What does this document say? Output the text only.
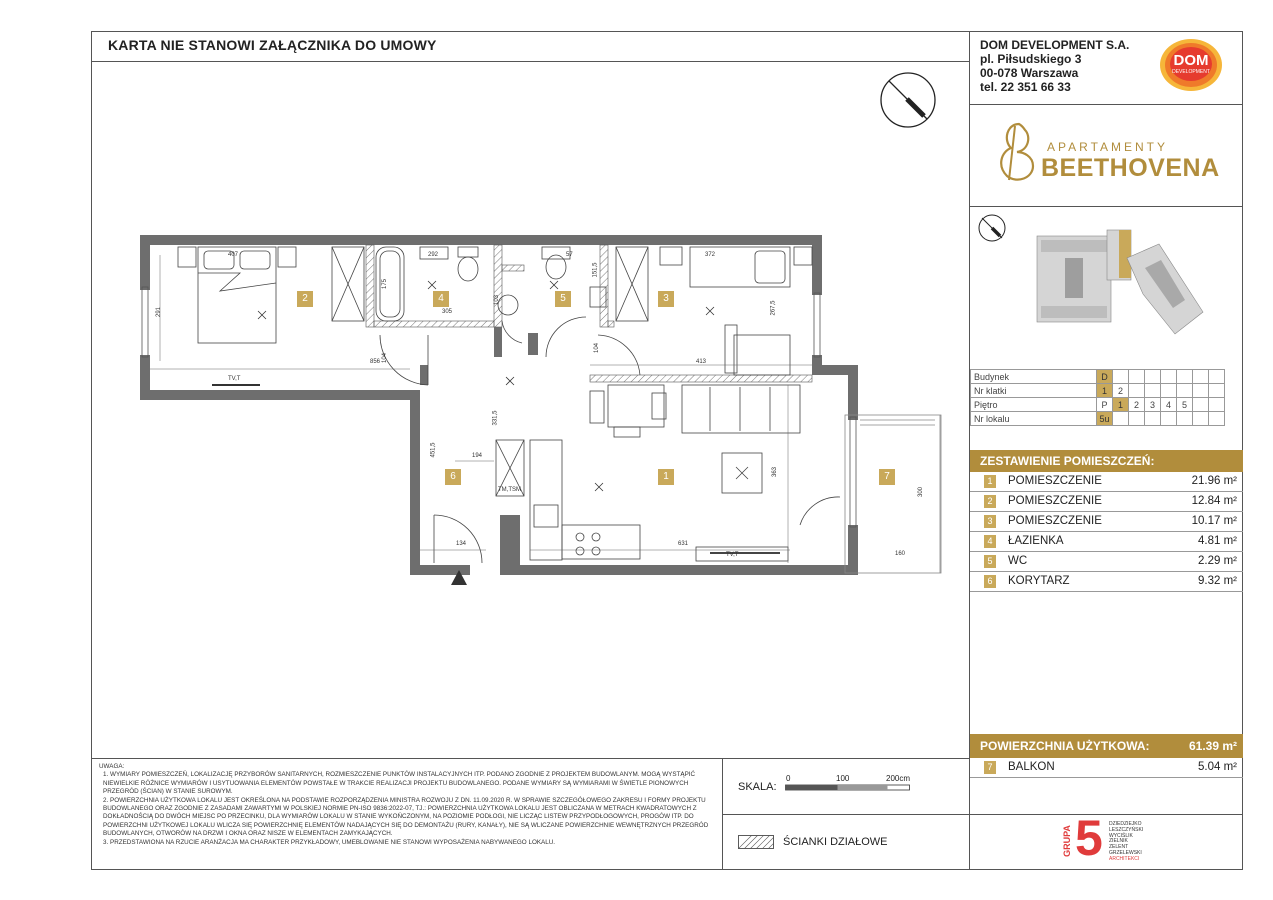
KARTA NIE STANOWI ZAŁĄCZNIKA DO UMOWY	DOM DEVELOPMENT S.A.
pl. Piłsudskiego 3
00-078 Warszawa
tel. 22 351 66 33
DOM
DEVELOPMENT
APARTAMENTY
BEETHOVENA
Budynek	D							
Nr klatki	1	2						
Piętro	P	1	2	3	4	5		
Nr lokalu	5u							
ZESTAWIENIE POMIESZCZEŃ:
1	POMIESZCZENIE	21.96 m²
2	POMIESZCZENIE	12.84 m²
3	POMIESZCZENIE	10.17 m²
4	ŁAZIENKA	4.81 m²
5	WC	2.29 m²
6	KORYTARZ	9.32 m²
POWIERZCHNIA UŻYTKOWA:	61.39 m²
7	BALKON	5.04 m²

UWAGA:

1. WYMIARY POMIESZCZEŃ, LOKALIZACJĘ PRZYBORÓW SANITARNYCH, ROZMIESZCZENIE PUNKTÓW INSTALACYJNYCH ITP. PODANO ZGODNIE Z PROJEKTEM BUDOWLANYM. MOGĄ WYSTĄPIĆ NIEWIELKIE RÓŻNICE WYMIARÓW I USYTUOWANIA ELEMENTÓW POWSTAŁE W TRAKCIE REALIZACJI PROJEKTU BUDOWLANEGO. PODANE WYMIARY SĄ WYMIARAMI W ŚWIETLE PIONOWYCH PRZEGRÓD (ŚCIAN) W STANIE SUROWYM.

2. POWIERZCHNIA UŻYTKOWA LOKALU JEST OKREŚLONA NA PODSTAWIE ROZPORZĄDZENIA MINISTRA ROZWOJU Z DN. 11.09.2020 R. W SPRAWIE SZCZEGÓŁOWEGO ZAKRESU I FORMY PROJEKTU BUDOWLANEGO ORAZ ZGODNIE Z ZASADAMI ZAWARTYMI W POLSKIEJ NORMIE PN-ISO 9836:2022-07, TJ.: POWIERZCHNIA UŻYTKOWA LOKALU JEST OBLICZANA W METRACH KWADRATOWYCH Z DOKŁADNOŚCIĄ DO DWÓCH MIEJSC PO PRZECINKU, DLA WYMIARÓW LOKALU W STANIE WYKOŃCZONYM, NA POZIOMIE PODŁOGI, NIE LICZĄC LISTEW PRZYPODŁOGOWYCH, PROGÓW ITP. DO POWIERZCHNI UŻYTKOWEJ LOKALU WLICZA SIĘ POWIERZCHNIĘ ELEMENTÓW NADAJĄCYCH SIĘ DO DEMONTAŻU (RURY, KANAŁY), NIE SĄ WLICZANE POWIERZCHNIE WEWNĘTRZNYCH PRZEGRÓD BUDOWLANYCH, OTWORÓW NA DRZWI I OKNA ORAZ NISZE W ELEMENTACH ZAMYKAJĄCYCH.

3. PRZEDSTAWIONA NA RZUCIE ARANŻACJA MA CHARAKTER PRZYKŁADOWY, UMEBLOWANIE NIE STANOWI WYPOSAŻENIA NABYWANEGO LOKALU.

SKALA:
0	100	200cm
ŚCIANKI DZIAŁOWE	GRUPA 5 DZIEDZIEJKO
LESZCZYŃSKI
WYCIŚLIK
ZIELNIK
ZELENT
GRZELEWSKI
ARCHITEKCI
1
2	3
4	5
6	7
407	292	57	372
291
175
305
103
151,5
267,5
856 104
104
413
331,5
451,5	194
134
363
300
160
631
TV,T
TM,TSM
TV,T
